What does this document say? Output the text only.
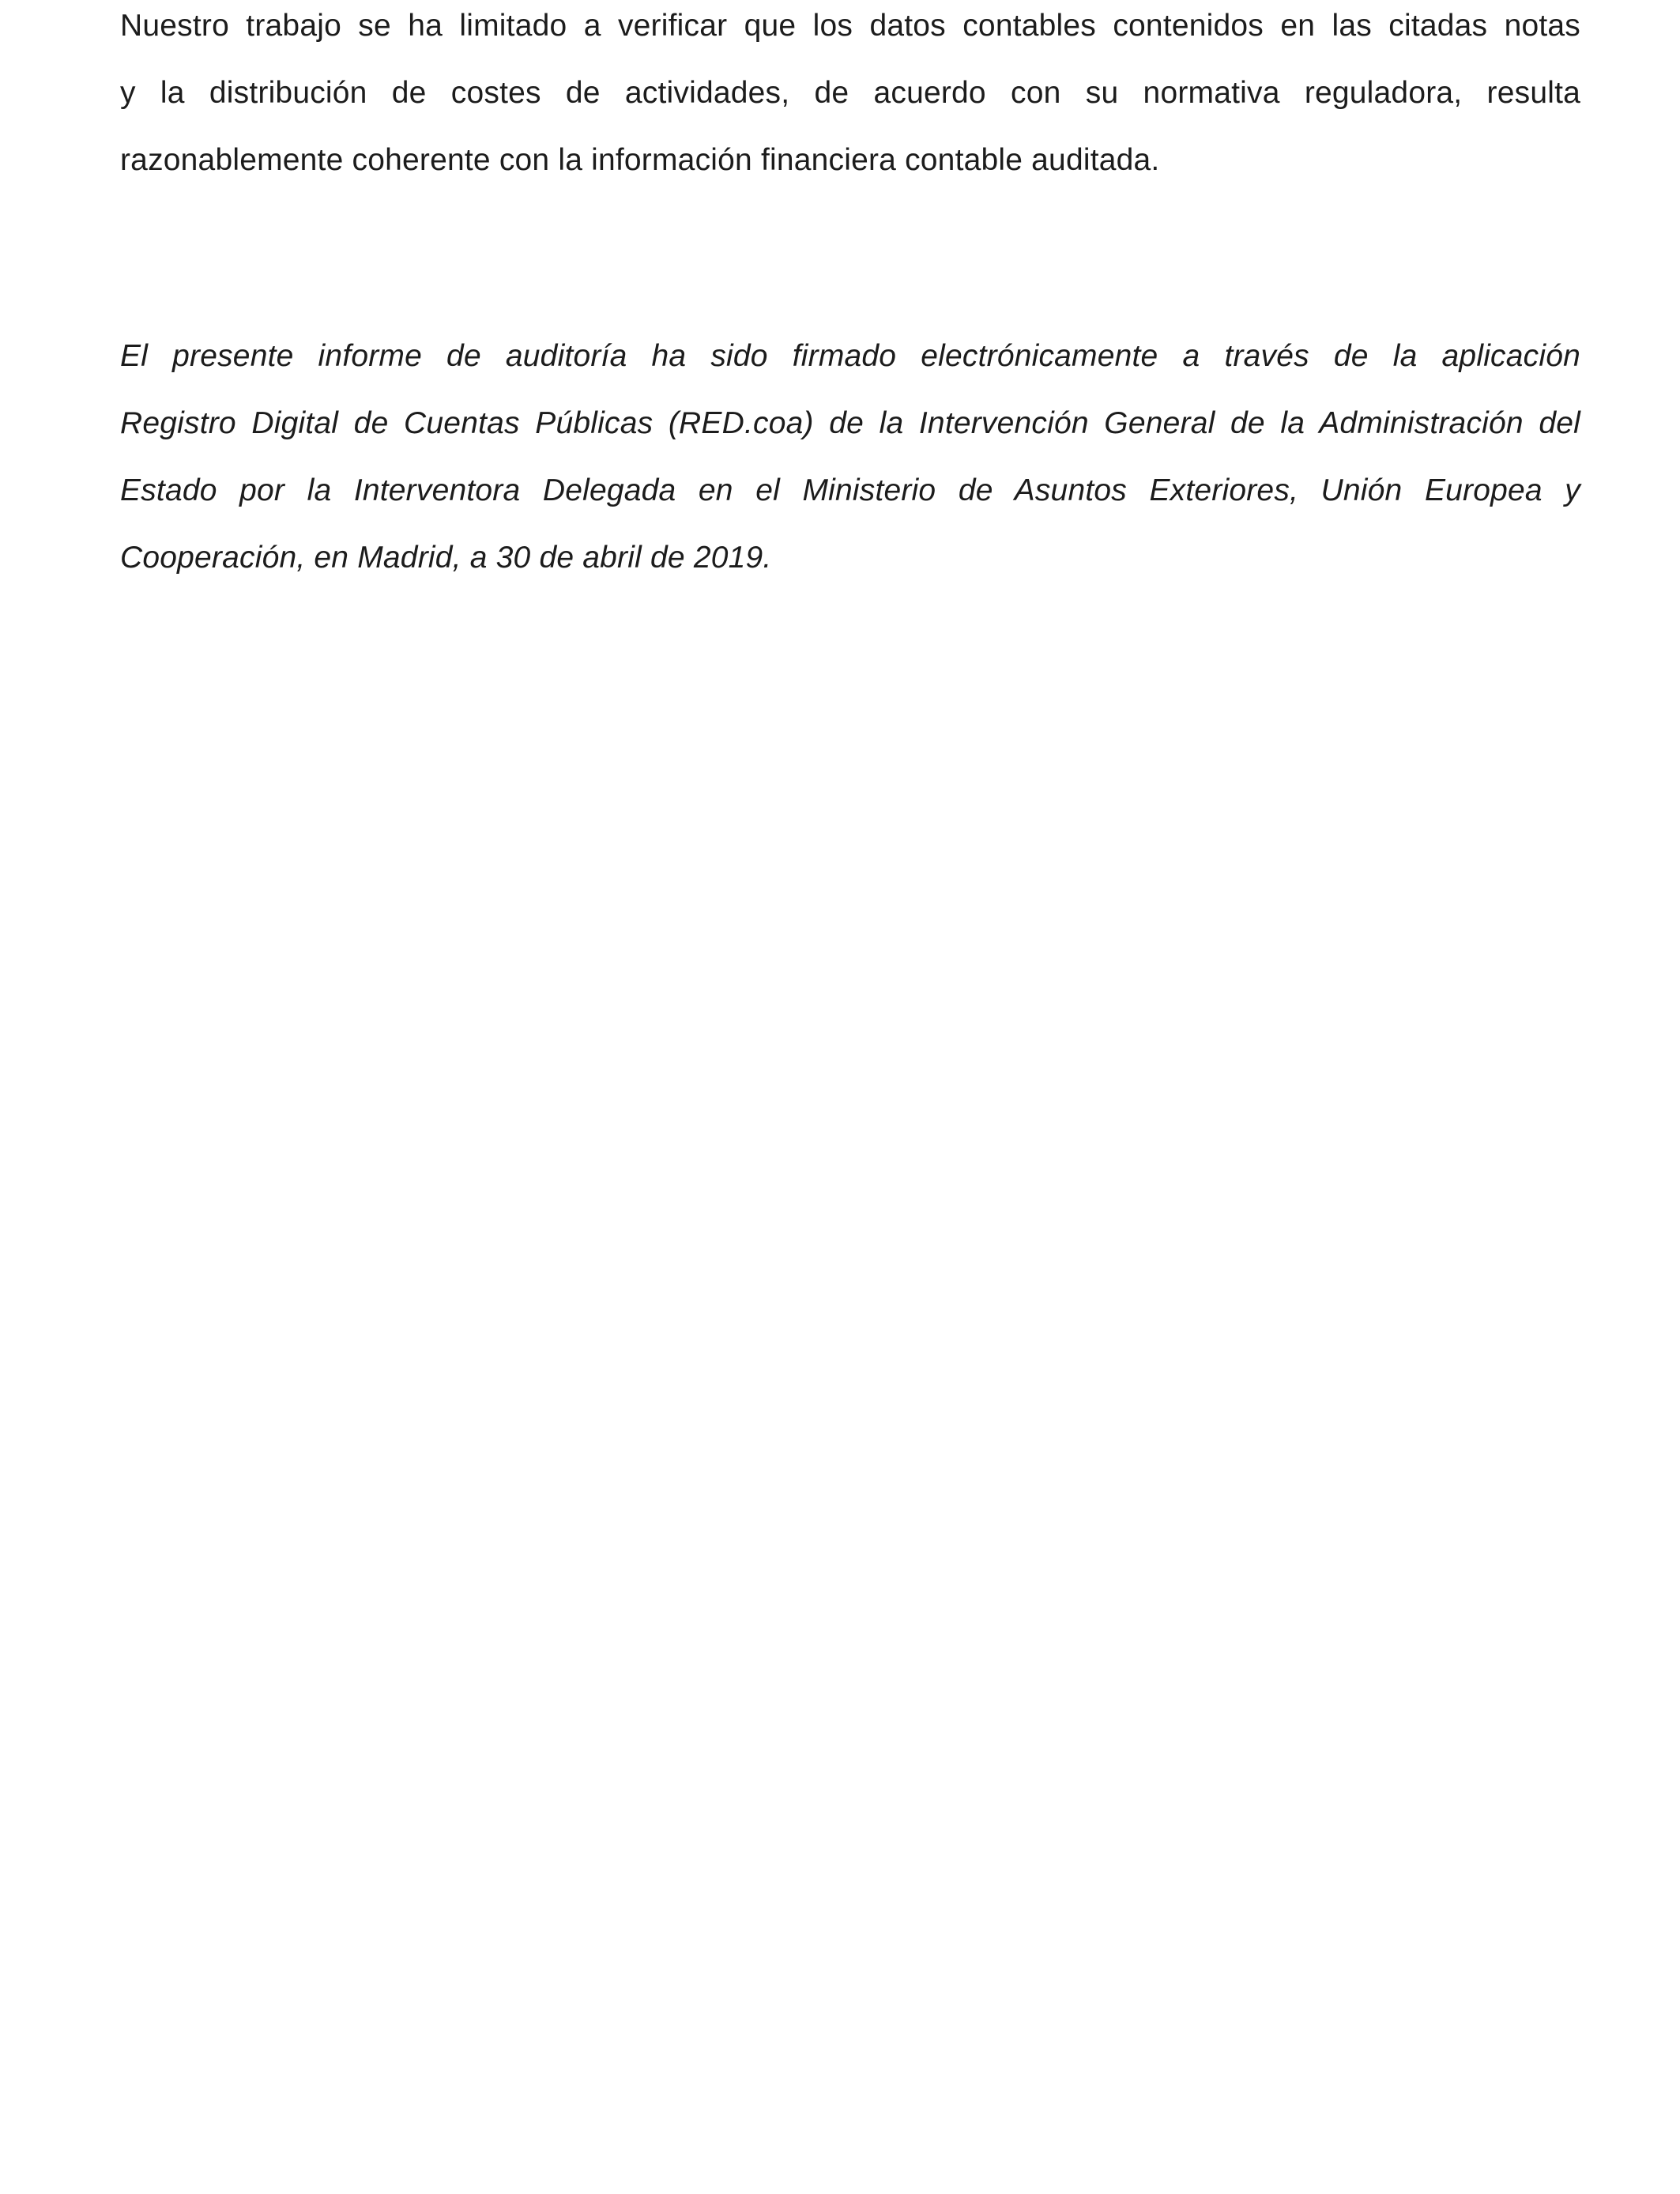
Nuestro trabajo se ha limitado a verificar que los datos contables contenidos en las citadas notas
y la distribución de costes de actividades, de acuerdo con su normativa reguladora, resulta
razonablemente coherente con la información financiera contable auditada.

El presente informe de auditoría ha sido firmado electrónicamente a través de la aplicación
Registro Digital de Cuentas Públicas (RED.coa) de la Intervención General de la Administración del
Estado por la Interventora Delegada en el Ministerio de Asuntos Exteriores, Unión Europea y
Cooperación, en Madrid, a 30 de abril de 2019.
